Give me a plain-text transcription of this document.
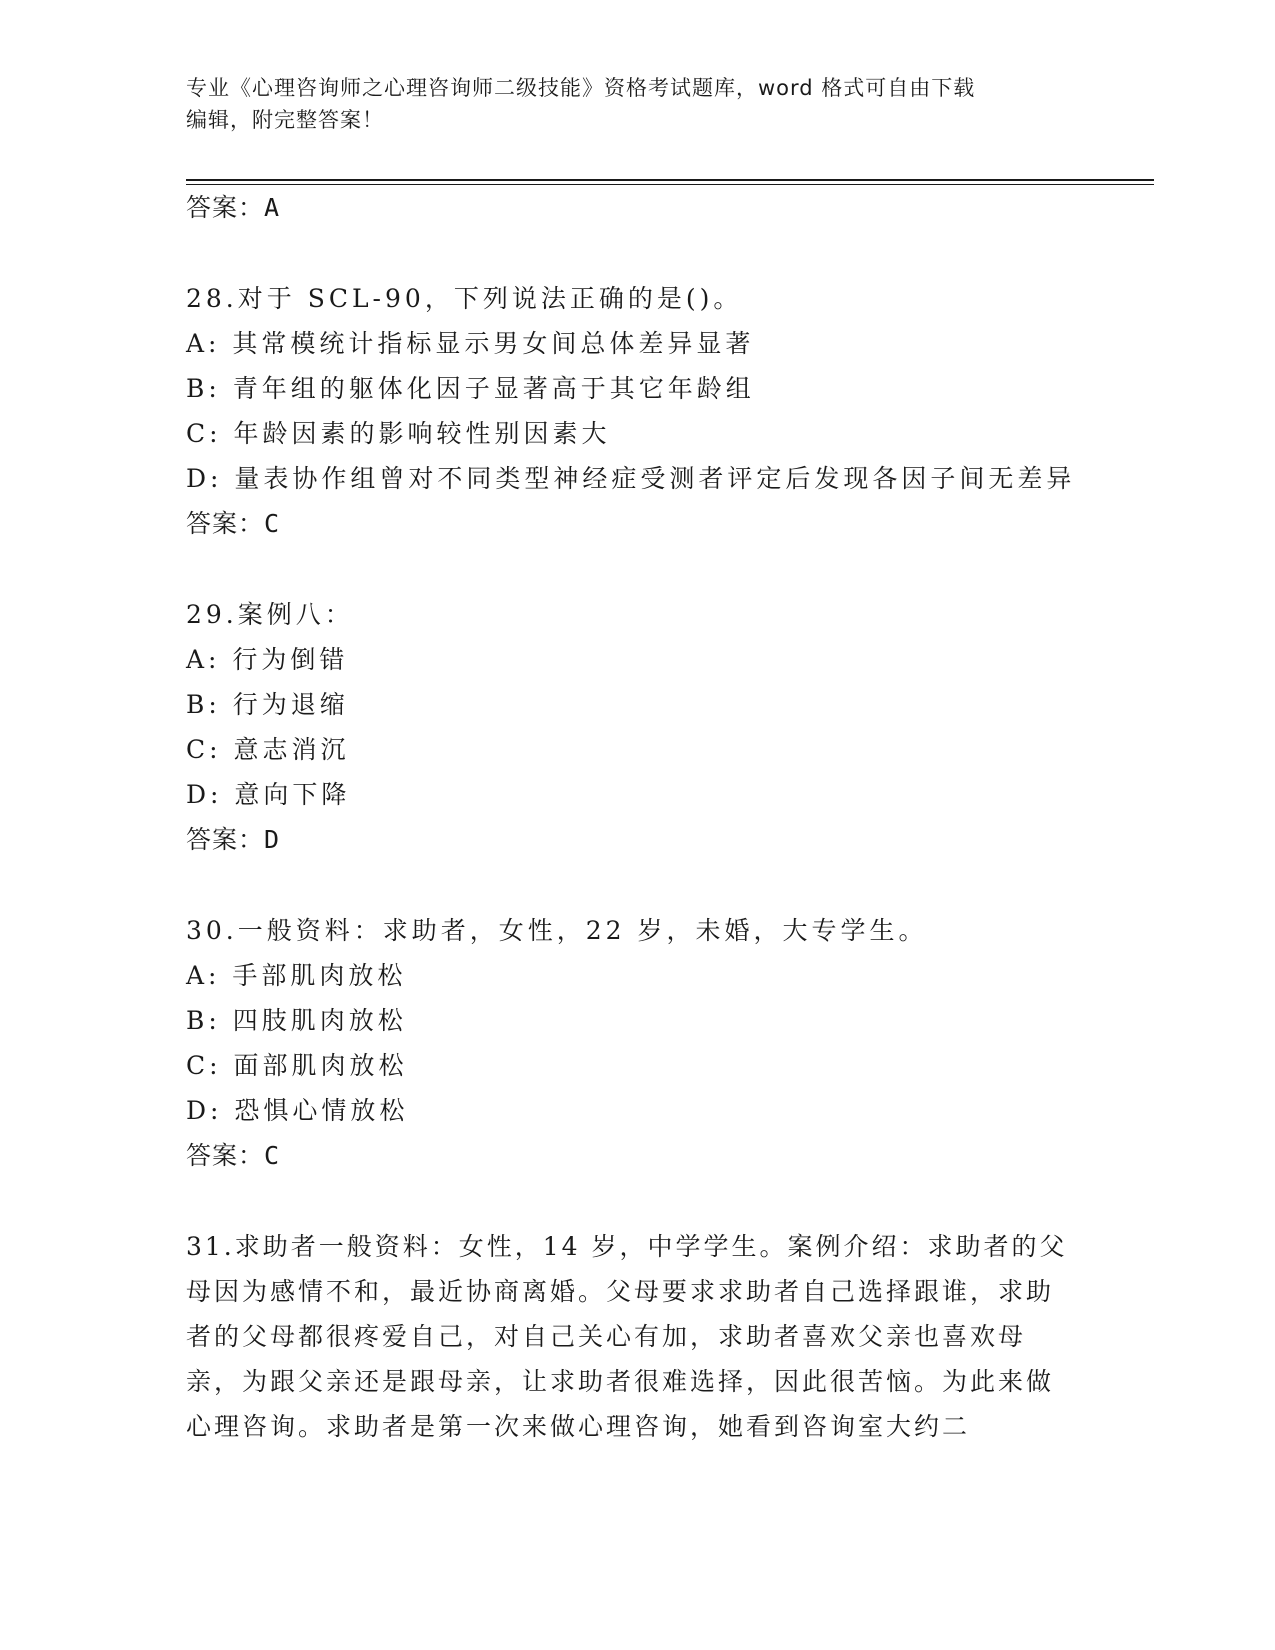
专业《心理咨询师之心理咨询师二级技能》资格考试题库，word 格式可自由下载
编辑，附完整答案！
答案：A
28.对于 SCL-90，下列说法正确的是()。
A: 其常模统计指标显示男女间总体差异显著
B: 青年组的躯体化因子显著高于其它年龄组
C: 年龄因素的影响较性别因素大
D: 量表协作组曾对不同类型神经症受测者评定后发现各因子间无差异
答案：C
29.案例八：
A: 行为倒错
B: 行为退缩
C: 意志消沉
D: 意向下降
答案：D
30.一般资料：求助者，女性，22 岁，未婚，大专学生。
A: 手部肌肉放松
B: 四肢肌肉放松
C: 面部肌肉放松
D: 恐惧心情放松
答案：C
31.求助者一般资料：女性，14 岁，中学学生。案例介绍：求助者的父母因为感情不和，最近协商离婚。父母要求求助者自己选择跟谁，求助者的父母都很疼爱自己，对自己关心有加，求助者喜欢父亲也喜欢母亲，为跟父亲还是跟母亲，让求助者很难选择，因此很苦恼。为此来做心理咨询。求助者是第一次来做心理咨询，她看到咨询室大约二
